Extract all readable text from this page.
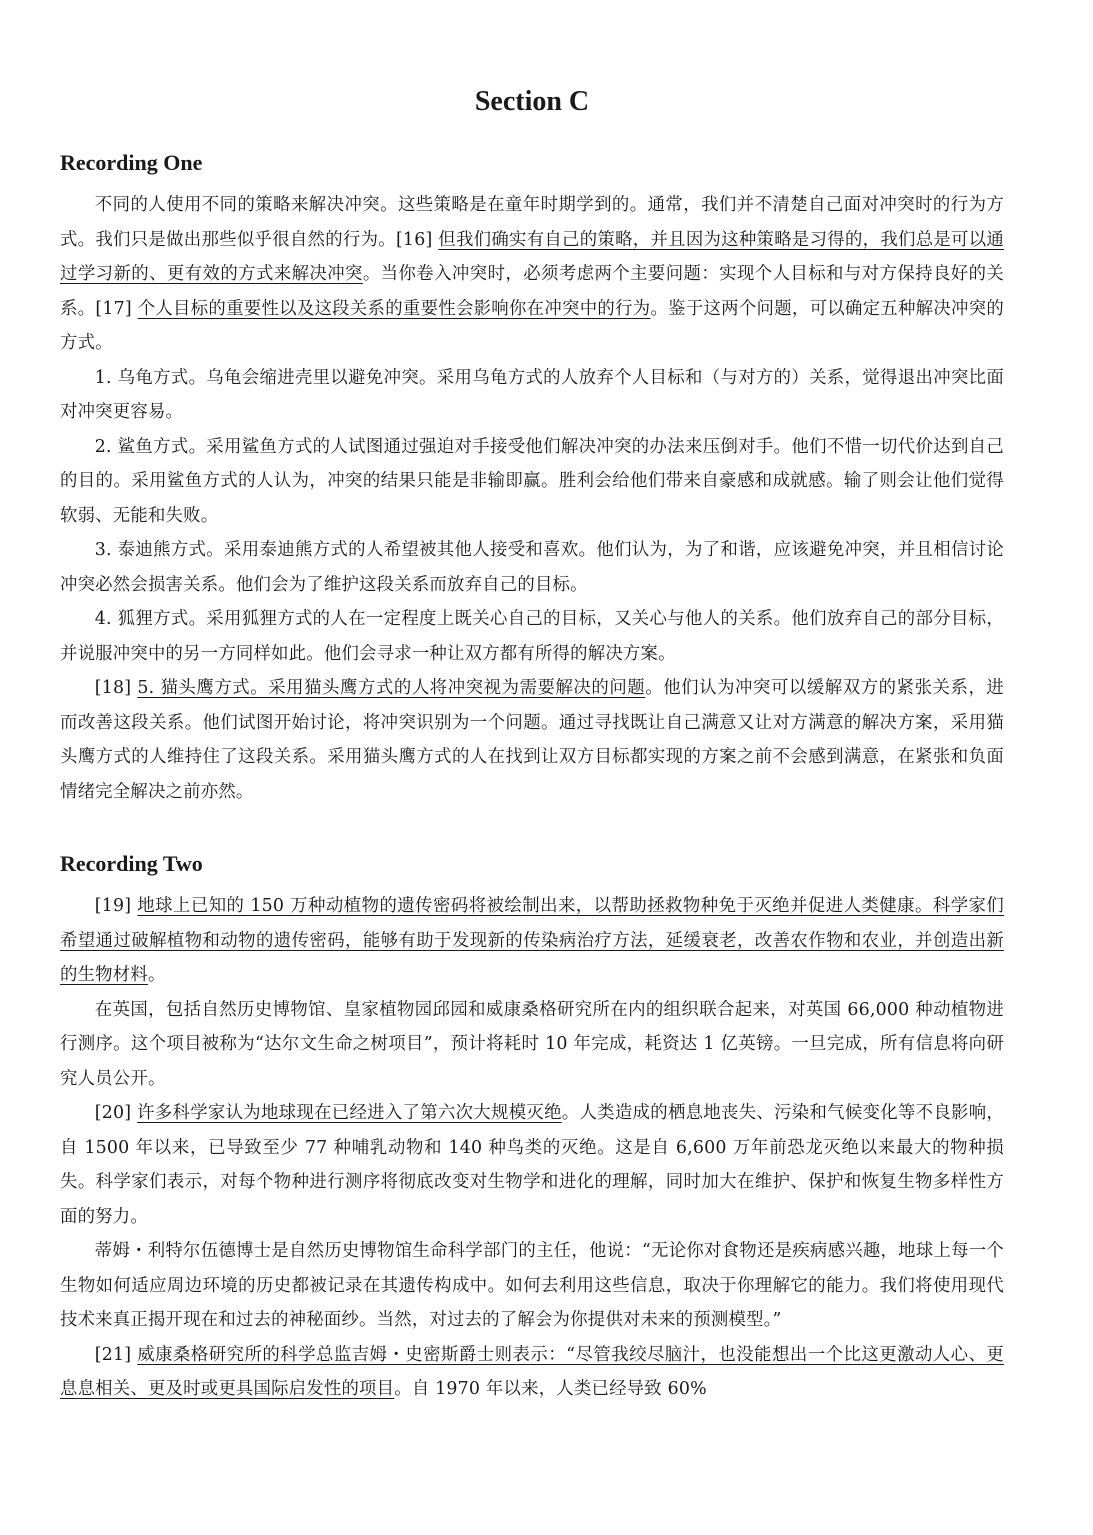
Section C
Recording One

不同的人使用不同的策略来解决冲突。这些策略是在童年时期学到的。通常，我们并不清楚自己面对冲突时的行为方式。我们只是做出那些似乎很自然的行为。[16] 但我们确实有自己的策略，并且因为这种策略是习得的，我们总是可以通过学习新的、更有效的方式来解决冲突。当你卷入冲突时，必须考虑两个主要问题：实现个人目标和与对方保持良好的关系。[17] 个人目标的重要性以及这段关系的重要性会影响你在冲突中的行为。鉴于这两个问题，可以确定五种解决冲突的方式。

1. 乌龟方式。乌龟会缩进壳里以避免冲突。采用乌龟方式的人放弃个人目标和（与对方的）关系，觉得退出冲突比面对冲突更容易。

2. 鲨鱼方式。采用鲨鱼方式的人试图通过强迫对手接受他们解决冲突的办法来压倒对手。他们不惜一切代价达到自己的目的。采用鲨鱼方式的人认为，冲突的结果只能是非输即赢。胜利会给他们带来自豪感和成就感。输了则会让他们觉得软弱、无能和失败。

3. 泰迪熊方式。采用泰迪熊方式的人希望被其他人接受和喜欢。他们认为，为了和谐，应该避免冲突，并且相信讨论冲突必然会损害关系。他们会为了维护这段关系而放弃自己的目标。

4. 狐狸方式。采用狐狸方式的人在一定程度上既关心自己的目标，又关心与他人的关系。他们放弃自己的部分目标，并说服冲突中的另一方同样如此。他们会寻求一种让双方都有所得的解决方案。

[18] 5. 猫头鹰方式。采用猫头鹰方式的人将冲突视为需要解决的问题。他们认为冲突可以缓解双方的紧张关系，进而改善这段关系。他们试图开始讨论，将冲突识别为一个问题。通过寻找既让自己满意又让对方满意的解决方案，采用猫头鹰方式的人维持住了这段关系。采用猫头鹰方式的人在找到让双方目标都实现的方案之前不会感到满意，在紧张和负面情绪完全解决之前亦然。

Recording Two

[19] 地球上已知的 150 万种动植物的遗传密码将被绘制出来，以帮助拯救物种免于灭绝并促进人类健康。科学家们希望通过破解植物和动物的遗传密码，能够有助于发现新的传染病治疗方法，延缓衰老，改善农作物和农业，并创造出新的生物材料。

在英国，包括自然历史博物馆、皇家植物园邱园和威康桑格研究所在内的组织联合起来，对英国 66,000 种动植物进行测序。这个项目被称为“达尔文生命之树项目”，预计将耗时 10 年完成，耗资达 1 亿英镑。一旦完成，所有信息将向研究人员公开。

[20] 许多科学家认为地球现在已经进入了第六次大规模灭绝。人类造成的栖息地丧失、污染和气候变化等不良影响，自 1500 年以来，已导致至少 77 种哺乳动物和 140 种鸟类的灭绝。这是自 6,600 万年前恐龙灭绝以来最大的物种损失。科学家们表示，对每个物种进行测序将彻底改变对生物学和进化的理解，同时加大在维护、保护和恢复生物多样性方面的努力。

蒂姆・利特尔伍德博士是自然历史博物馆生命科学部门的主任，他说：“无论你对食物还是疾病感兴趣，地球上每一个生物如何适应周边环境的历史都被记录在其遗传构成中。如何去利用这些信息，取决于你理解它的能力。我们将使用现代技术来真正揭开现在和过去的神秘面纱。当然，对过去的了解会为你提供对未来的预测模型。”

[21] 威康桑格研究所的科学总监吉姆・史密斯爵士则表示：“尽管我绞尽脑汁，也没能想出一个比这更激动人心、更息息相关、更及时或更具国际启发性的项目。自 1970 年以来，人类已经导致 60%
